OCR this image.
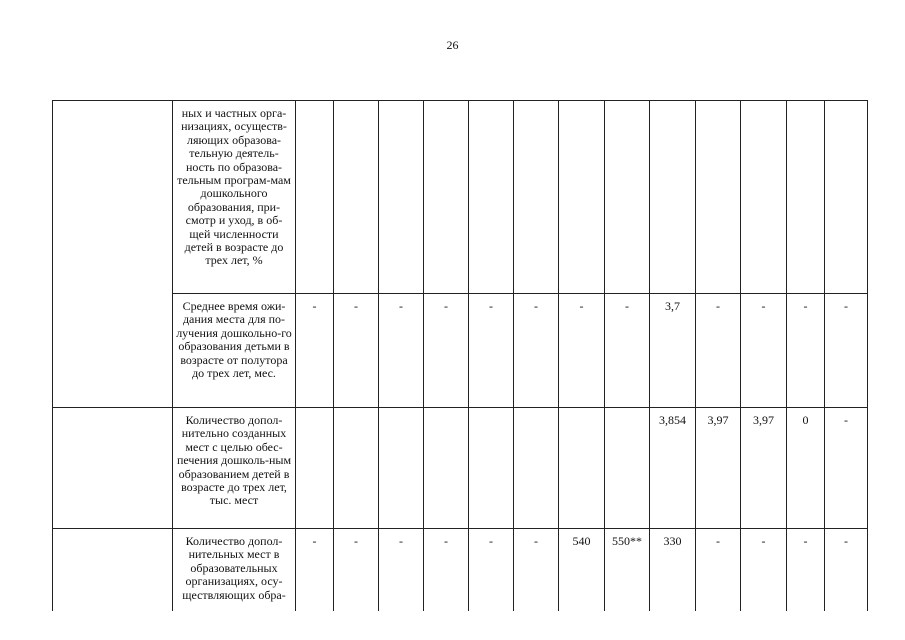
26
	ных и частных орга-низациях, осуществ-ляющих образова-тельную деятель-ность по образова-тельным програм-мам дошкольного образования, при-смотр и уход, в об-щей численности детей в возрасте до трех лет, %													
	Среднее время ожи-дания места для по-лучения дошкольно-го образования детьми в возрасте от полутора до трех лет, мес.	-	-	-	-	-	-	-	-	3,7	-	-	-	-
	Количество допол-нительно созданных мест с целью обес-печения дошколь-ным образованием детей в возрасте до трех лет, тыс. мест									3,854	3,97	3,97	0	-
	Количество допол-нительных мест в образовательных организациях, осу-ществляющих обра-	-	-	-	-	-	-	540	550**	330	-	-	-	-
